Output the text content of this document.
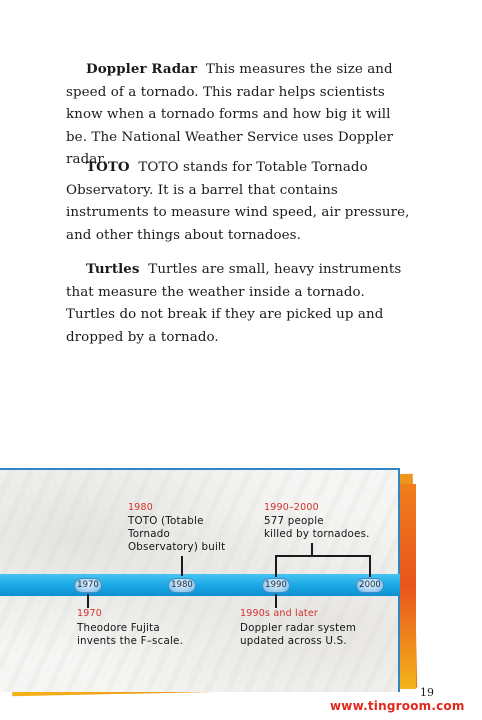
Doppler Radar This measures the size and speed of a tornado. This radar helps scientists know when a tornado forms and how big it will be. The National Weather Service uses Doppler radar.

TOTO TOTO stands for Totable Tornado Observatory. It is a barrel that contains instruments to measure wind speed, air pressure, and other things about tornadoes.

Turtles Turtles are small, heavy instruments that measure the weather inside a tornado. Turtles do not break if they are picked up and dropped by a tornado.

1970	1980	1990	2000
1980
TOTO (Totable
Tornado
Observatory) built
1990–2000
577 people
killed by tornadoes.
1970
Theodore Fujita
invents the F–scale.
1990s and later
Doppler radar system
updated across U.S.
19
www.tingroom.com
